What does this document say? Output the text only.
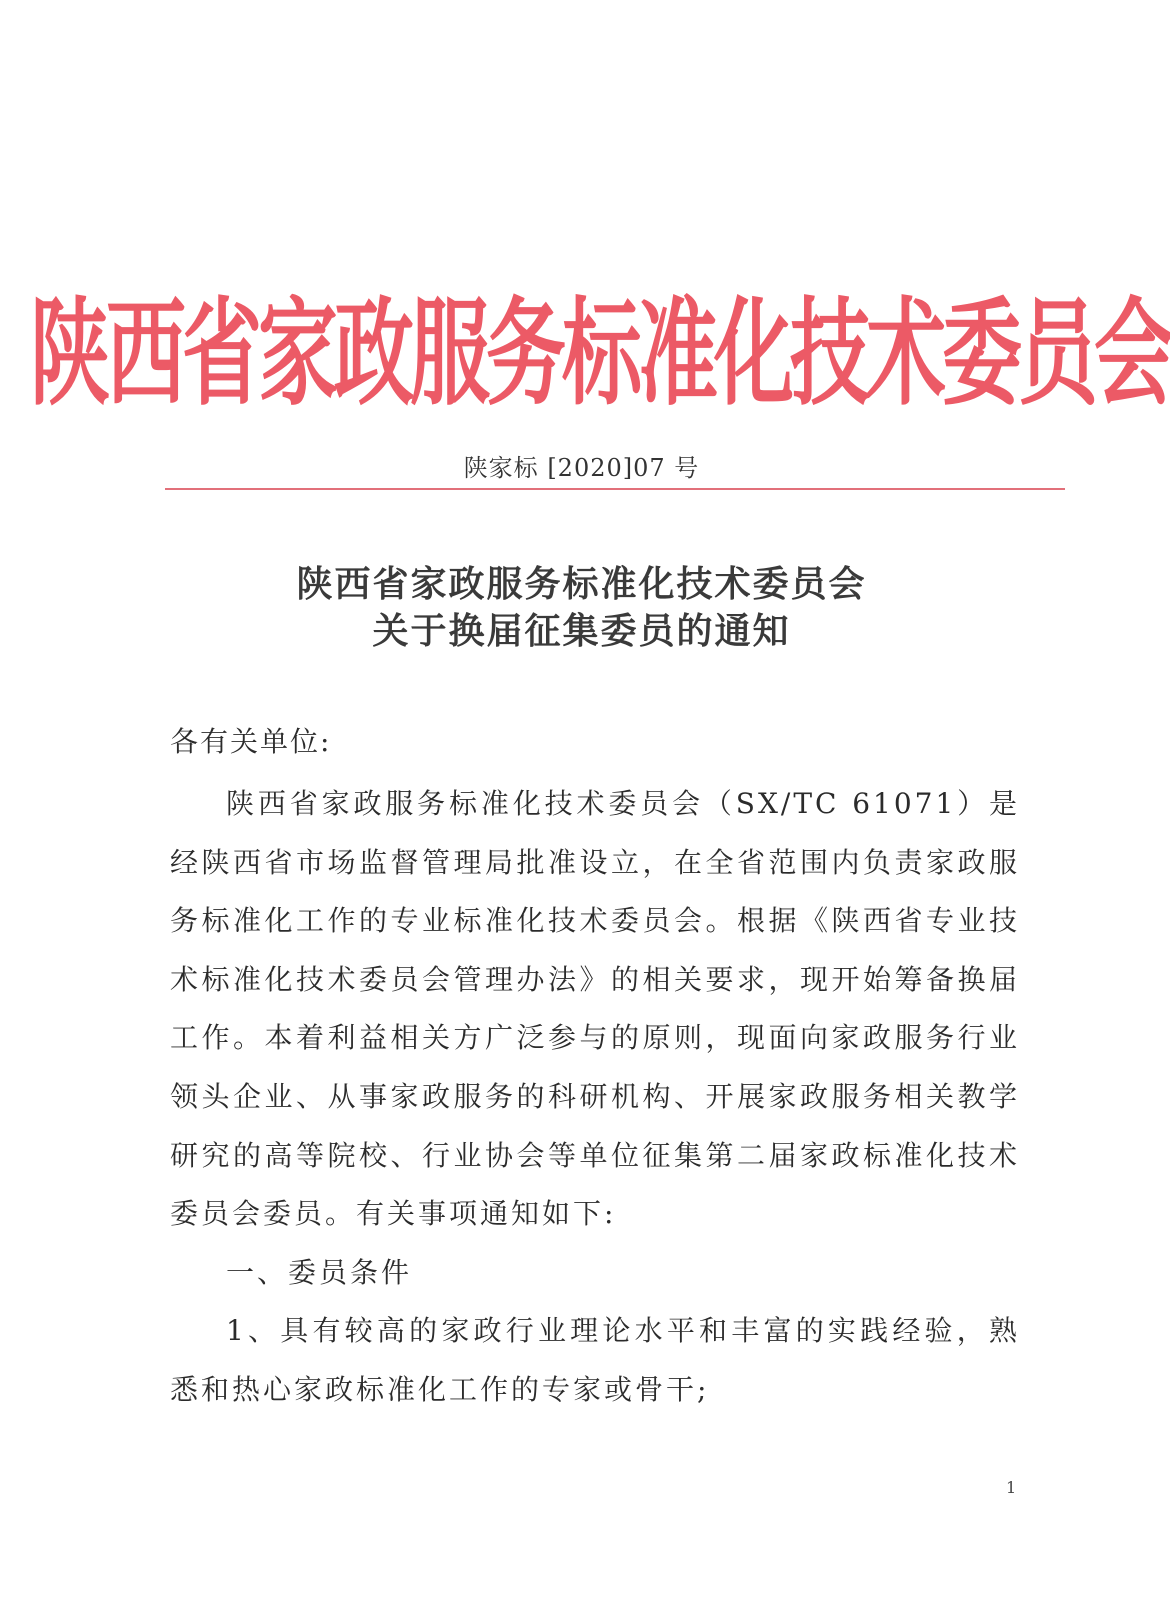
陕西省家政服务标准化技术委员会
陕家标 [2020]07 号
陕西省家政服务标准化技术委员会
关于换届征集委员的通知
各有关单位:

陕西省家政服务标准化技术委员会（SX/TC 61071）是经陕西省市场监督管理局批准设立，在全省范围内负责家政服务标准化工作的专业标准化技术委员会。根据《陕西省专业技术标准化技术委员会管理办法》的相关要求，现开始筹备换届工作。本着利益相关方广泛参与的原则，现面向家政服务行业领头企业、从事家政服务的科研机构、开展家政服务相关教学研究的高等院校、行业协会等单位征集第二届家政标准化技术委员会委员。有关事项通知如下:

一、委员条件

1、具有较高的家政行业理论水平和丰富的实践经验，熟悉和热心家政标准化工作的专家或骨干;

1
